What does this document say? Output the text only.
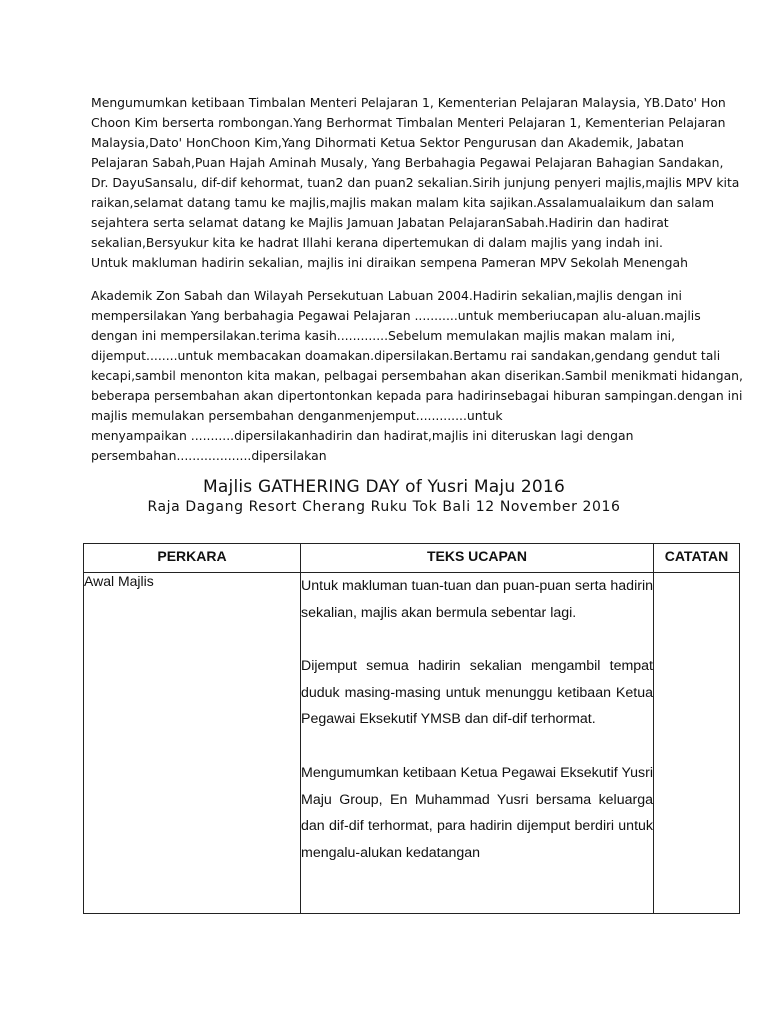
Mengumumkan ketibaan Timbalan Menteri Pelajaran 1, Kementerian Pelajaran Malaysia, YB.Dato' Hon
Choon Kim berserta rombongan.Yang Berhormat Timbalan Menteri Pelajaran 1, Kementerian Pelajaran
Malaysia,Dato' HonChoon Kim,Yang Dihormati Ketua Sektor Pengurusan dan Akademik, Jabatan
Pelajaran Sabah,Puan Hajah Aminah Musaly, Yang Berbahagia Pegawai Pelajaran Bahagian Sandakan,
Dr. DayuSansalu, dif-dif kehormat, tuan2 dan puan2 sekalian.Sirih junjung penyeri majlis,majlis MPV kita
raikan,selamat datang tamu ke majlis,majlis makan malam kita sajikan.Assalamualaikum dan salam
sejahtera serta selamat datang ke Majlis Jamuan Jabatan PelajaranSabah.Hadirin dan hadirat
sekalian,Bersyukur kita ke hadrat Illahi kerana dipertemukan di dalam majlis yang indah ini.
Untuk makluman hadirin sekalian, majlis ini diraikan sempena Pameran MPV Sekolah Menengah
Akademik Zon Sabah dan Wilayah Persekutuan Labuan 2004.Hadirin sekalian,majlis dengan ini
mempersilakan Yang berbahagia Pegawai Pelajaran ...........untuk memberiucapan alu-aluan.majlis
dengan ini mempersilakan.terima kasih.............Sebelum memulakan majlis makan malam ini,
dijemput........untuk membacakan doamakan.dipersilakan.Bertamu rai sandakan,gendang gendut tali
kecapi,sambil menonton kita makan, pelbagai persembahan akan diserikan.Sambil menikmati hidangan,
beberapa persembahan akan dipertontonkan kepada para hadirinsebagai hiburan sampingan.dengan ini
majlis memulakan persembahan denganmenjemput.............untuk
menyampaikan ...........dipersilakanhadirin dan hadirat,majlis ini diteruskan lagi dengan
persembahan...................dipersilakan
Majlis GATHERING DAY of Yusri Maju 2016
Raja Dagang Resort Cherang Ruku Tok Bali 12 November 2016
PERKARA	TEKS UCAPAN	CATATAN

Awal Majlis	Untuk makluman tuan-tuan dan puan-puan serta hadirin sekalian, majlis akan bermula sebentar lagi.

Dijemput semua hadirin sekalian mengambil tempat duduk masing-masing untuk menunggu ketibaan Ketua Pegawai Eksekutif YMSB dan dif-dif terhormat.

Mengumumkan ketibaan Ketua Pegawai Eksekutif Yusri Maju Group, En Muhammad Yusri bersama keluarga dan dif-dif terhormat, para hadirin dijemput berdiri untuk mengalu-alukan kedatangan	
